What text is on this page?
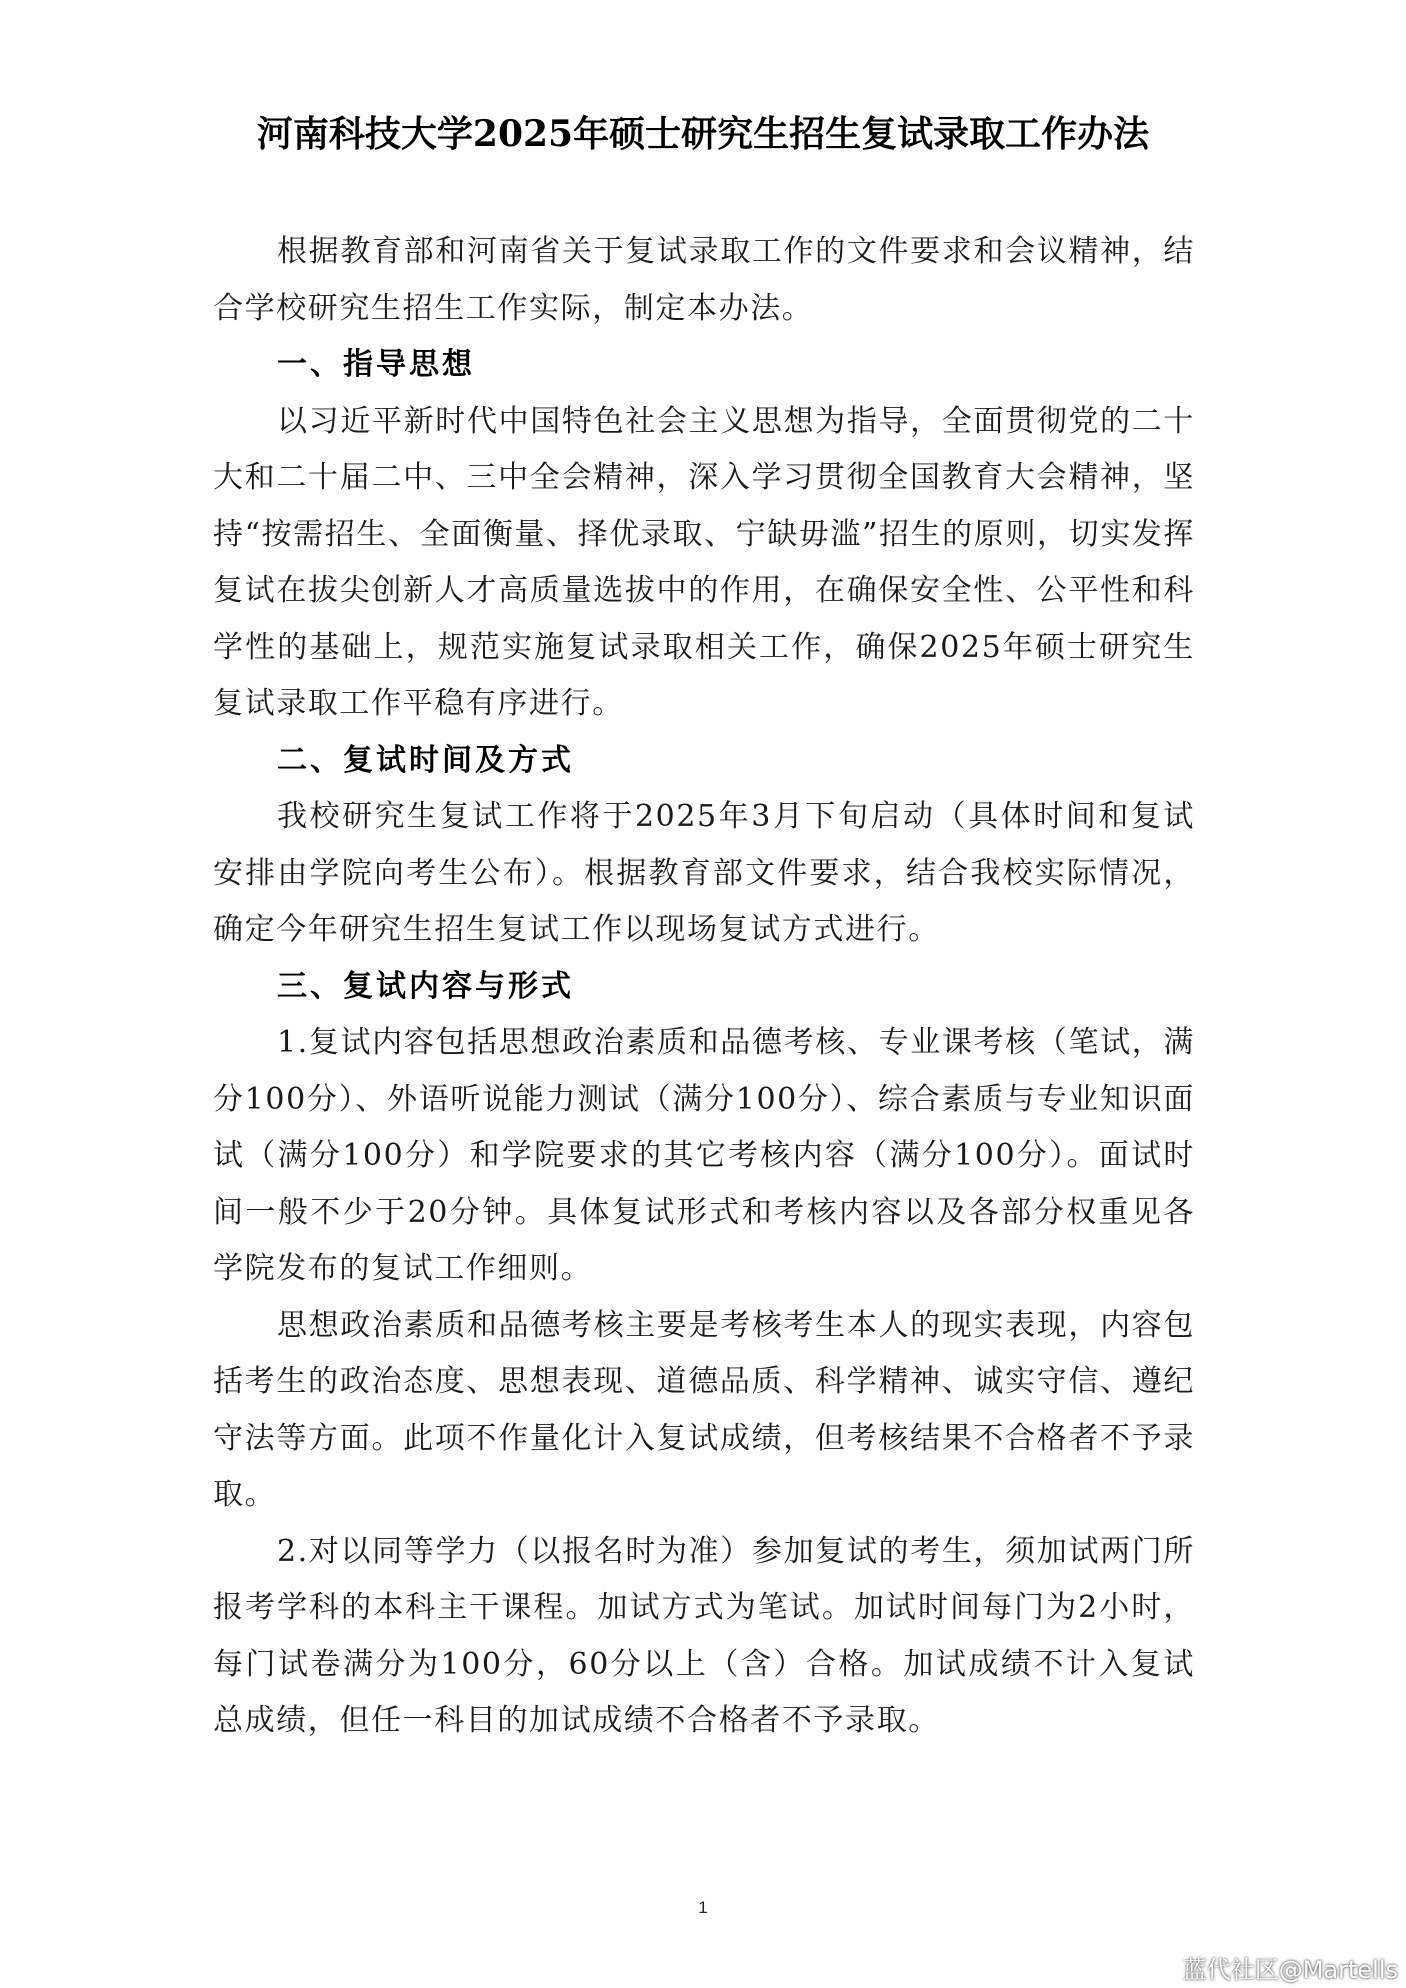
河南科技大学2025年硕士研究生招生复试录取工作办法

根据教育部和河南省关于复试录取工作的文件要求和会议精神，结合学校研究生招生工作实际，制定本办法。

一、指导思想

以习近平新时代中国特色社会主义思想为指导，全面贯彻党的二十大和二十届二中、三中全会精神，深入学习贯彻全国教育大会精神，坚持“按需招生、全面衡量、择优录取、宁缺毋滥”招生的原则，切实发挥复试在拔尖创新人才高质量选拔中的作用，在确保安全性、公平性和科学性的基础上，规范实施复试录取相关工作，确保2025年硕士研究生复试录取工作平稳有序进行。

二、复试时间及方式

我校研究生复试工作将于2025年3月下旬启动（具体时间和复试安排由学院向考生公布）。根据教育部文件要求，结合我校实际情况，确定今年研究生招生复试工作以现场复试方式进行。

三、复试内容与形式

1.复试内容包括思想政治素质和品德考核、专业课考核（笔试，满分100分）、外语听说能力测试（满分100分）、综合素质与专业知识面试（满分100分）和学院要求的其它考核内容（满分100分）。面试时间一般不少于20分钟。具体复试形式和考核内容以及各部分权重见各学院发布的复试工作细则。

思想政治素质和品德考核主要是考核考生本人的现实表现，内容包括考生的政治态度、思想表现、道德品质、科学精神、诚实守信、遵纪守法等方面。此项不作量化计入复试成绩，但考核结果不合格者不予录取。

2.对以同等学力（以报名时为准）参加复试的考生，须加试两门所报考学科的本科主干课程。加试方式为笔试。加试时间每门为2小时，每门试卷满分为100分，60分以上（含）合格。加试成绩不计入复试总成绩，但任一科目的加试成绩不合格者不予录取。

1
蓝代社区@Martells
